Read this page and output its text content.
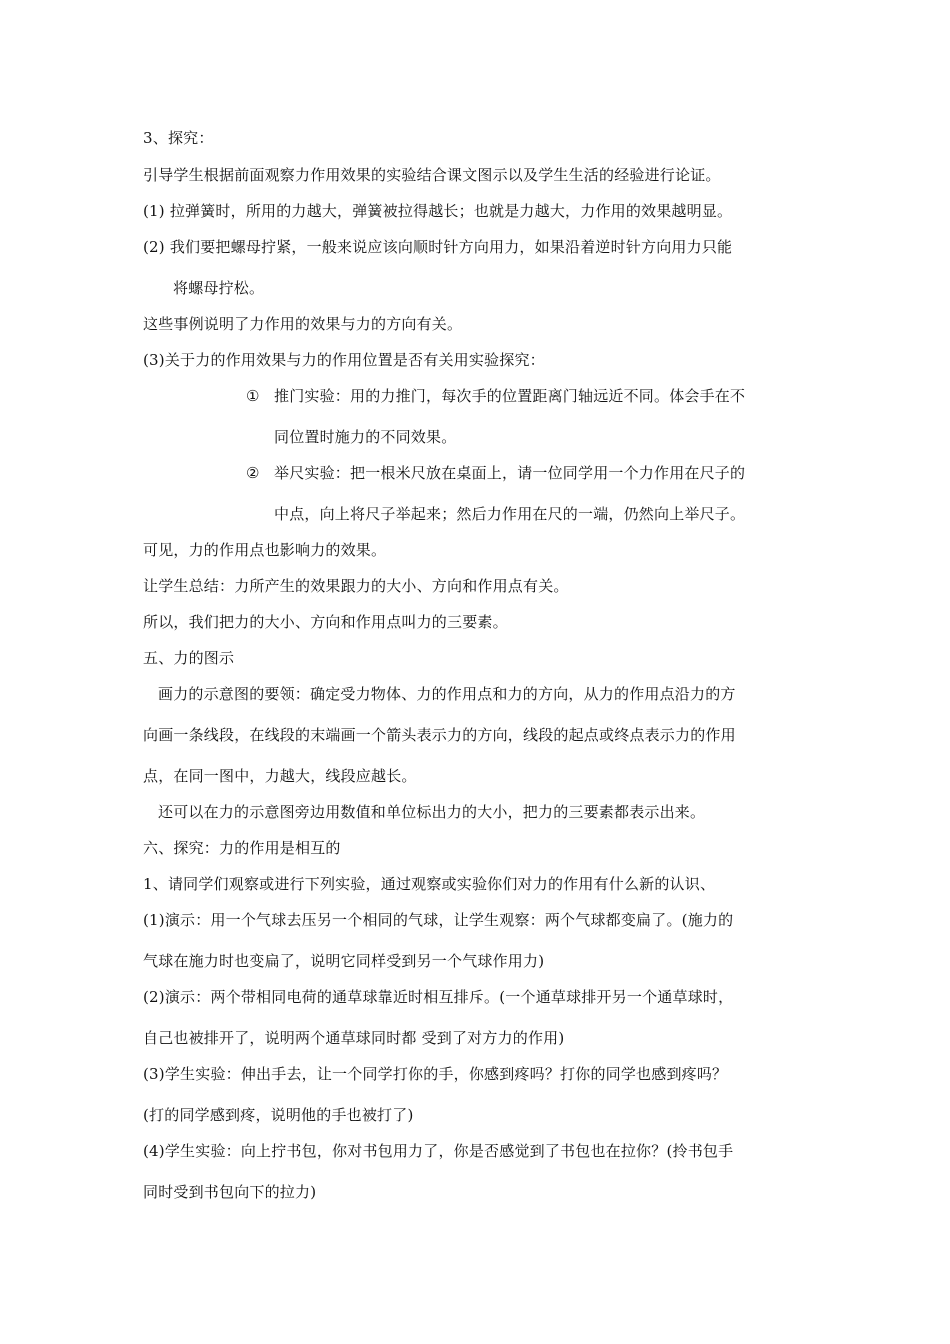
3、探究：
引导学生根据前面观察力作用效果的实验结合课文图示以及学生生活的经验进行论证。
(1) 拉弹簧时，所用的力越大，弹簧被拉得越长；也就是力越大，力作用的效果越明显。
(2) 我们要把螺母拧紧，一般来说应该向顺时针方向用力，如果沿着逆时针方向用力只能
将螺母拧松。
这些事例说明了力作用的效果与力的方向有关。
(3)关于力的作用效果与力的作用位置是否有关用实验探究：
① 推门实验：用的力推门，每次手的位置距离门轴远近不同。体会手在不
同位置时施力的不同效果。
② 举尺实验：把一根米尺放在桌面上，请一位同学用一个力作用在尺子的
中点，向上将尺子举起来；然后力作用在尺的一端，仍然向上举尺子。
可见，力的作用点也影响力的效果。
让学生总结：力所产生的效果跟力的大小、方向和作用点有关。
所以，我们把力的大小、方向和作用点叫力的三要素。
五、力的图示
画力的示意图的要领：确定受力物体、力的作用点和力的方向，从力的作用点沿力的方
向画一条线段，在线段的末端画一个箭头表示力的方向，线段的起点或终点表示力的作用
点，在同一图中，力越大，线段应越长。
还可以在力的示意图旁边用数值和单位标出力的大小，把力的三要素都表示出来。
六、探究：力的作用是相互的
1、请同学们观察或进行下列实验，通过观察或实验你们对力的作用有什么新的认识、
(1)演示：用一个气球去压另一个相同的气球，让学生观察：两个气球都变扁了。(施力的
气球在施力时也变扁了，说明它同样受到另一个气球作用力)
(2)演示：两个带相同电荷的通草球靠近时相互排斥。(一个通草球排开另一个通草球时，
自己也被排开了，说明两个通草球同时都 受到了对方力的作用)
(3)学生实验：伸出手去，让一个同学打你的手，你感到疼吗？打你的同学也感到疼吗？
(打的同学感到疼，说明他的手也被打了)
(4)学生实验：向上拧书包，你对书包用力了，你是否感觉到了书包也在拉你？(拎书包手
同时受到书包向下的拉力)
